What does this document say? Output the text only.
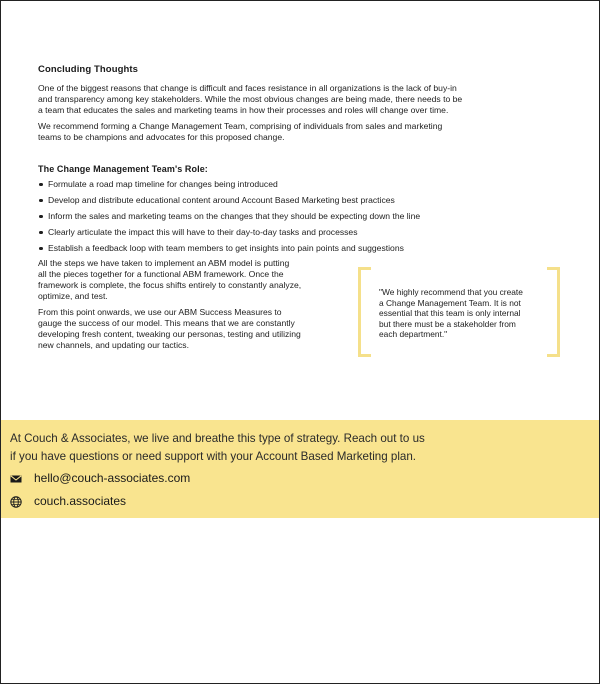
Concluding Thoughts

One of the biggest reasons that change is difficult and faces resistance in all organizations is the lack of buy-in

and transparency among key stakeholders. While the most obvious changes are being made, there needs to be

a team that educates the sales and marketing teams in how their processes and roles will change over time.

We recommend forming a Change Management Team, comprising of individuals from sales and marketing

teams to be champions and advocates for this proposed change.

The Change Management Team's Role:
Formulate a road map timeline for changes being introduced
Develop and distribute educational content around Account Based Marketing best practices
Inform the sales and marketing teams on the changes that they should be expecting down the line
Clearly articulate the impact this will have to their day-to-day tasks and processes
Establish a feedback loop with team members to get insights into pain points and suggestions

All the steps we have taken to implement an ABM model is putting

all the pieces together for a functional ABM framework. Once the

framework is complete, the focus shifts entirely to constantly analyze,

optimize, and test.

From this point onwards, we use our ABM Success Measures to

gauge the success of our model. This means that we are constantly

developing fresh content, tweaking our personas, testing and utilizing

new channels, and updating our tactics.

"We highly recommend that you create
a Change Management Team. It is not
essential that this team is only internal
but there must be a stakeholder from
each department."
At Couch & Associates, we live and breathe this type of strategy. Reach out to us
if you have questions or need support with your Account Based Marketing plan.
hello@couch-associates.com
couch.associates
